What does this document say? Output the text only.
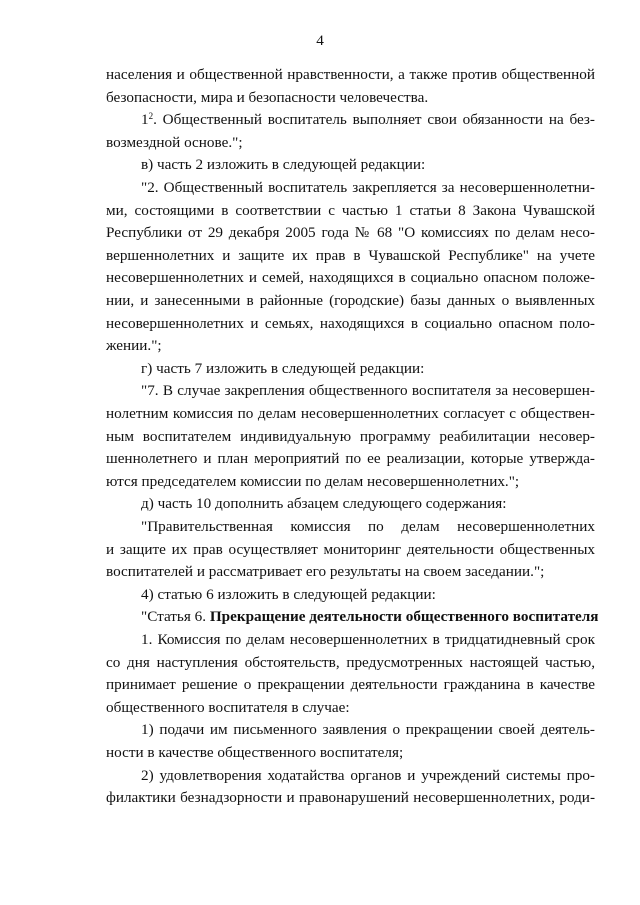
4
населения и общественной нравственности, а также против общественной
безопасности, мира и безопасности человечества.
$1^2$. Общественный воспитатель выполняет свои обязанности на без-
возмездной основе.";
в) часть 2 изложить в следующей редакции:
"2. Общественный воспитатель закрепляется за несовершеннолетни-
ми, состоящими в соответствии с частью 1 статьи 8 Закона Чувашской
Республики от 29 декабря 2005 года № 68 "О комиссиях по делам несо-
вершеннолетних и защите их прав в Чувашской Республике" на учете
несовершеннолетних и семей, находящихся в социально опасном положе-
нии, и занесенными в районные (городские) базы данных о выявленных
несовершеннолетних и семьях, находящихся в социально опасном поло-
жении.";
г) часть 7 изложить в следующей редакции:
"7. В случае закрепления общественного воспитателя за несовершен-
нолетним комиссия по делам несовершеннолетних согласует с обществен-
ным воспитателем индивидуальную программу реабилитации несовер-
шеннолетнего и план мероприятий по ее реализации, которые утвержда-
ются председателем комиссии по делам несовершеннолетних.";
д) часть 10 дополнить абзацем следующего содержания:
"Правительственная комиссия по делам несовершеннолетних
и защите их прав осуществляет мониторинг деятельности общественных
воспитателей и рассматривает его результаты на своем заседании.";
4) статью 6 изложить в следующей редакции:
"Статья 6. Прекращение деятельности общественного воспитателя
1. Комиссия по делам несовершеннолетних в тридцатидневный срок
со дня наступления обстоятельств, предусмотренных настоящей частью,
принимает решение о прекращении деятельности гражданина в качестве
общественного воспитателя в случае:
1) подачи им письменного заявления о прекращении своей деятель-
ности в качестве общественного воспитателя;
2) удовлетворения ходатайства органов и учреждений системы про-
филактики безнадзорности и правонарушений несовершеннолетних, роди-
